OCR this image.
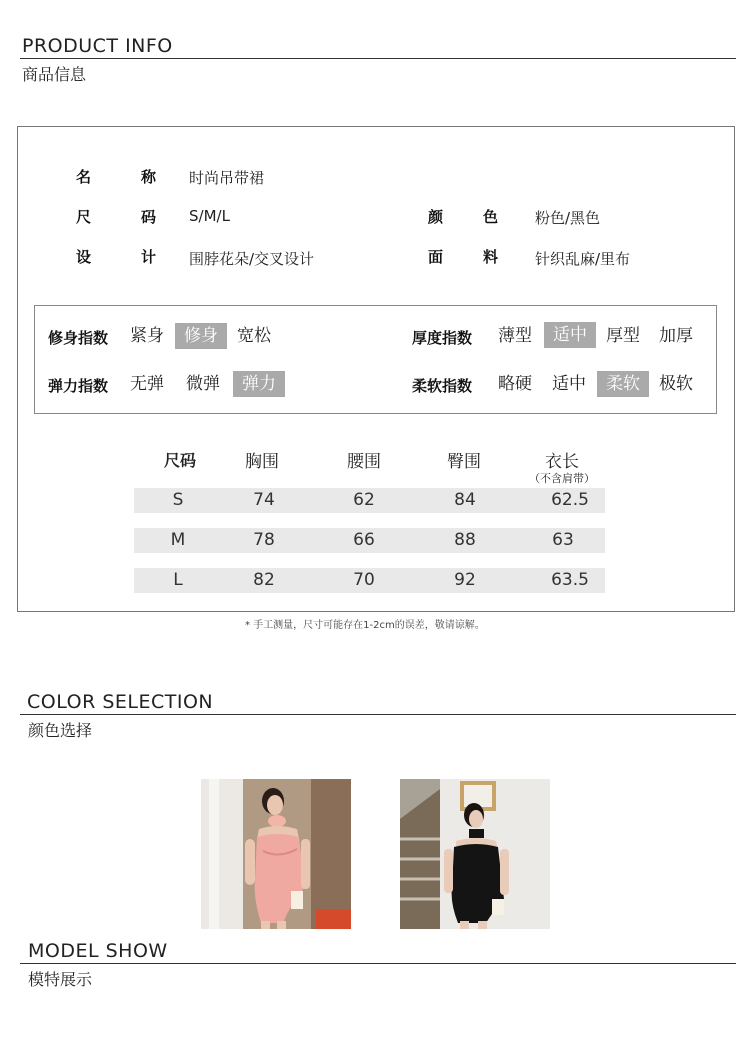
PRODUCT INFO
商品信息
名	称 时尚吊带裙
尺	码 S/M/L	颜	色 粉色/黑色
设	计 围脖花朵/交叉设计	面	料 针织乱麻/里布
修身指数 紧身	修身	宽松	厚度指数 薄型	适中	厚型 加厚
弹力指数 无弹 微弹	弹力	柔软指数 略硬 适中	柔软	极软
尺码	胸围	腰围	臀围	衣长
（不含肩带）
S	74	62	84	62.5
M	78	66	88	63
L	82	70	92	63.5
* 手工测量，尺寸可能存在1-2cm的误差，敬请谅解。
COLOR SELECTION
颜色选择
MODEL SHOW
模特展示
